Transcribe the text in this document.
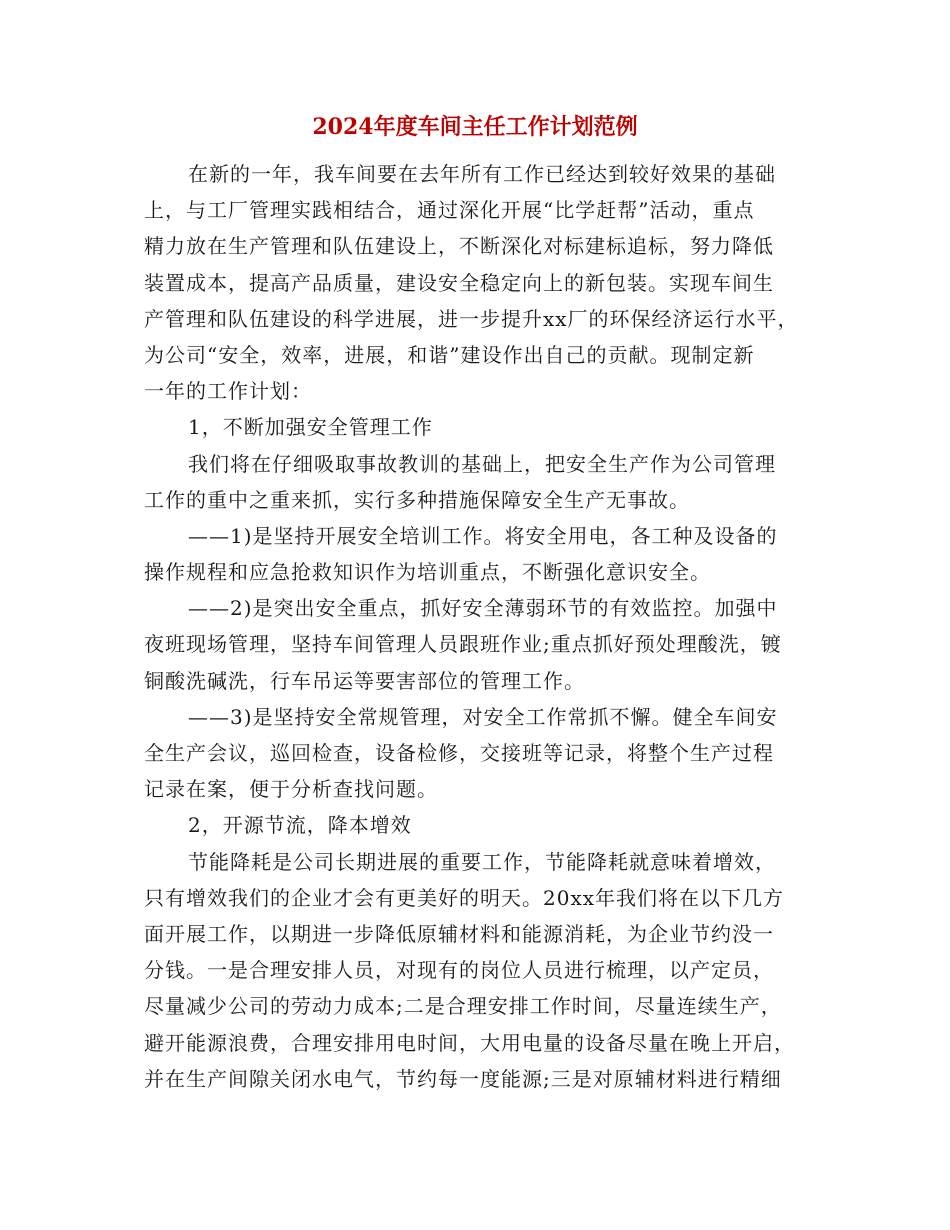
2024年度车间主任工作计划范例
在新的一年，我车间要在去年所有工作已经达到较好效果的基础
上，与工厂管理实践相结合，通过深化开展“比学赶帮”活动，重点
精力放在生产管理和队伍建设上，不断深化对标建标追标，努力降低
装置成本，提高产品质量，建设安全稳定向上的新包装。实现车间生
产管理和队伍建设的科学进展，进一步提升xx厂的环保经济运行水平，
为公司“安全，效率，进展，和谐”建设作出自己的贡献。现制定新
一年的工作计划：
1，不断加强安全管理工作
我们将在仔细吸取事故教训的基础上，把安全生产作为公司管理
工作的重中之重来抓，实行多种措施保障安全生产无事故。
——1)是坚持开展安全培训工作。将安全用电，各工种及设备的
操作规程和应急抢救知识作为培训重点，不断强化意识安全。
——2)是突出安全重点，抓好安全薄弱环节的有效监控。加强中
夜班现场管理，坚持车间管理人员跟班作业;重点抓好预处理酸洗，镀
铜酸洗碱洗，行车吊运等要害部位的管理工作。
——3)是坚持安全常规管理，对安全工作常抓不懈。健全车间安
全生产会议，巡回检查，设备检修，交接班等记录，将整个生产过程
记录在案，便于分析查找问题。
2，开源节流，降本增效
节能降耗是公司长期进展的重要工作，节能降耗就意味着增效，
只有增效我们的企业才会有更美好的明天。20xx年我们将在以下几方
面开展工作，以期进一步降低原辅材料和能源消耗，为企业节约没一
分钱。一是合理安排人员，对现有的岗位人员进行梳理，以产定员，
尽量减少公司的劳动力成本;二是合理安排工作时间，尽量连续生产，
避开能源浪费，合理安排用电时间，大用电量的设备尽量在晚上开启，
并在生产间隙关闭水电气，节约每一度能源;三是对原辅材料进行精细
